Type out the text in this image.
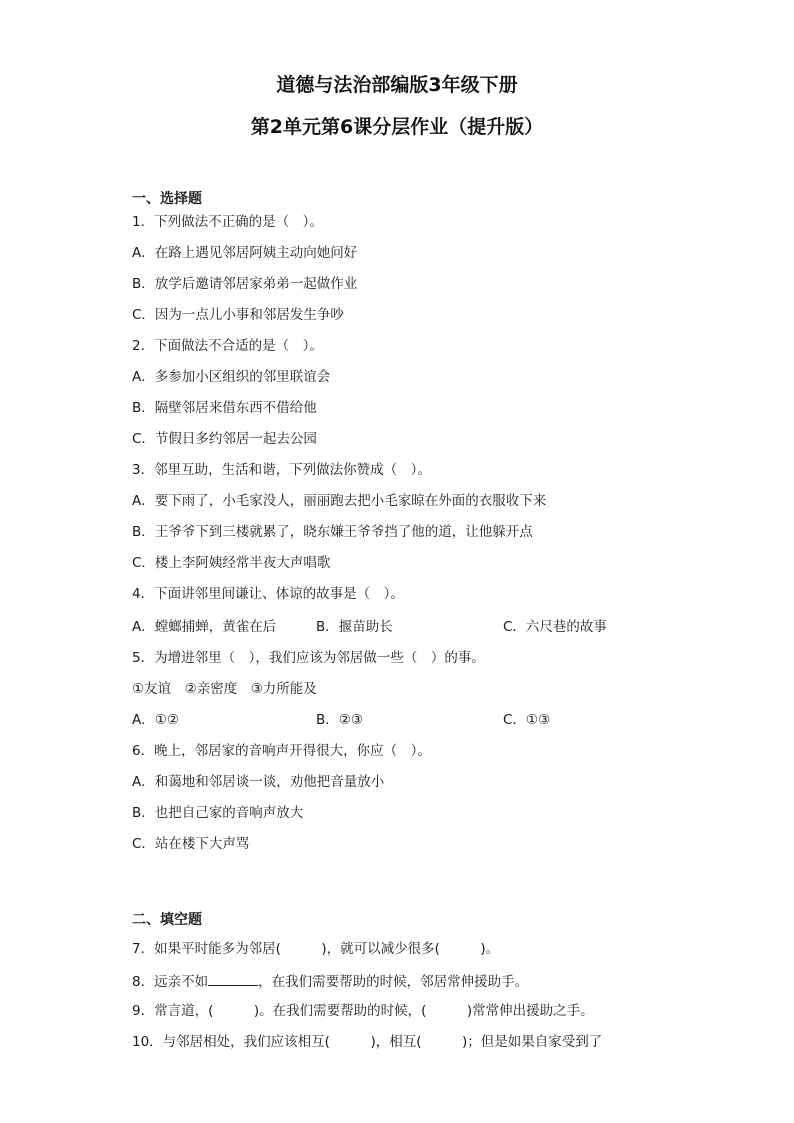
道德与法治部编版3年级下册
第2单元第6课分层作业（提升版）
一、选择题
1．下列做法不正确的是（　）。
A．在路上遇见邻居阿姨主动向她问好
B．放学后邀请邻居家弟弟一起做作业
C．因为一点儿小事和邻居发生争吵
2．下面做法不合适的是（　）。
A．多参加小区组织的邻里联谊会
B．隔壁邻居来借东西不借给他
C．节假日多约邻居一起去公园
3．邻里互助，生活和谐，下列做法你赞成（　）。
A．要下雨了，小毛家没人，丽丽跑去把小毛家晾在外面的衣服收下来
B．王爷爷下到三楼就累了，晓东嫌王爷爷挡了他的道，让他躲开点
C．楼上李阿姨经常半夜大声唱歌
4．下面讲邻里间谦让、体谅的故事是（　）。
A．螳螂捕蝉，黄雀在后	B．揠苗助长	C．六尺巷的故事
5．为增进邻里（　），我们应该为邻居做一些（　）的事。
①友谊　②亲密度　③力所能及
A．①②	B．②③	C．①③
6．晚上，邻居家的音响声开得很大，你应（　）。
A．和蔼地和邻居谈一谈，劝他把音量放小
B．也把自己家的音响声放大
C．站在楼下大声骂
二、填空题
7．如果平时能多为邻居(　　　)，就可以减少很多(　　　)。
8．远亲不如	，在我们需要帮助的时候，邻居常伸援助手。
9．常言道，(　　　)。在我们需要帮助的时候，(　　　)常常伸出援助之手。
10．与邻居相处，我们应该相互(　　　)，相互(　　　)；但是如果自家受到了
